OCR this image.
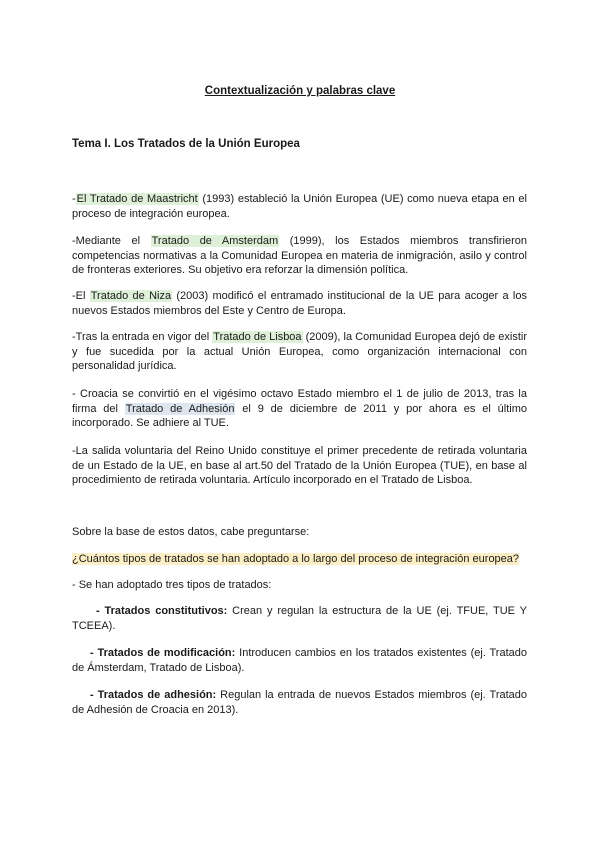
Contextualización y palabras clave
Tema I. Los Tratados de la Unión Europea
-El Tratado de Maastricht (1993) estableció la Unión Europea (UE) como nueva etapa en el proceso de integración europea.
-Mediante el Tratado de Amsterdam (1999), los Estados miembros transfirieron competencias normativas a la Comunidad Europea en materia de inmigración, asilo y control de fronteras exteriores. Su objetivo era reforzar la dimensión política.
-El Tratado de Niza (2003) modificó el entramado institucional de la UE para acoger a los nuevos Estados miembros del Este y Centro de Europa.
-Tras la entrada en vigor del Tratado de Lisboa (2009), la Comunidad Europea dejó de existir y fue sucedida por la actual Unión Europea, como organización internacional con personalidad jurídica.
- Croacia se convirtió en el vigésimo octavo Estado miembro el 1 de julio de 2013, tras la firma del Tratado de Adhesión el 9 de diciembre de 2011 y por ahora es el último incorporado. Se adhiere al TUE.
-La salida voluntaria del Reino Unido constituye el primer precedente de retirada voluntaria de un Estado de la UE, en base al art.50 del Tratado de la Unión Europea (TUE), en base al procedimiento de retirada voluntaria. Artículo incorporado en el Tratado de Lisboa.
Sobre la base de estos datos, cabe preguntarse:
¿Cuántos tipos de tratados se han adoptado a lo largo del proceso de integración europea?
- Se han adoptado tres tipos de tratados:
- Tratados constitutivos: Crean y regulan la estructura de la UE (ej. TFUE, TUE Y TCEEA).
- Tratados de modificación: Introducen cambios en los tratados existentes (ej. Tratado de Ámsterdam, Tratado de Lisboa).
- Tratados de adhesión: Regulan la entrada de nuevos Estados miembros (ej. Tratado de Adhesión de Croacia en 2013).
